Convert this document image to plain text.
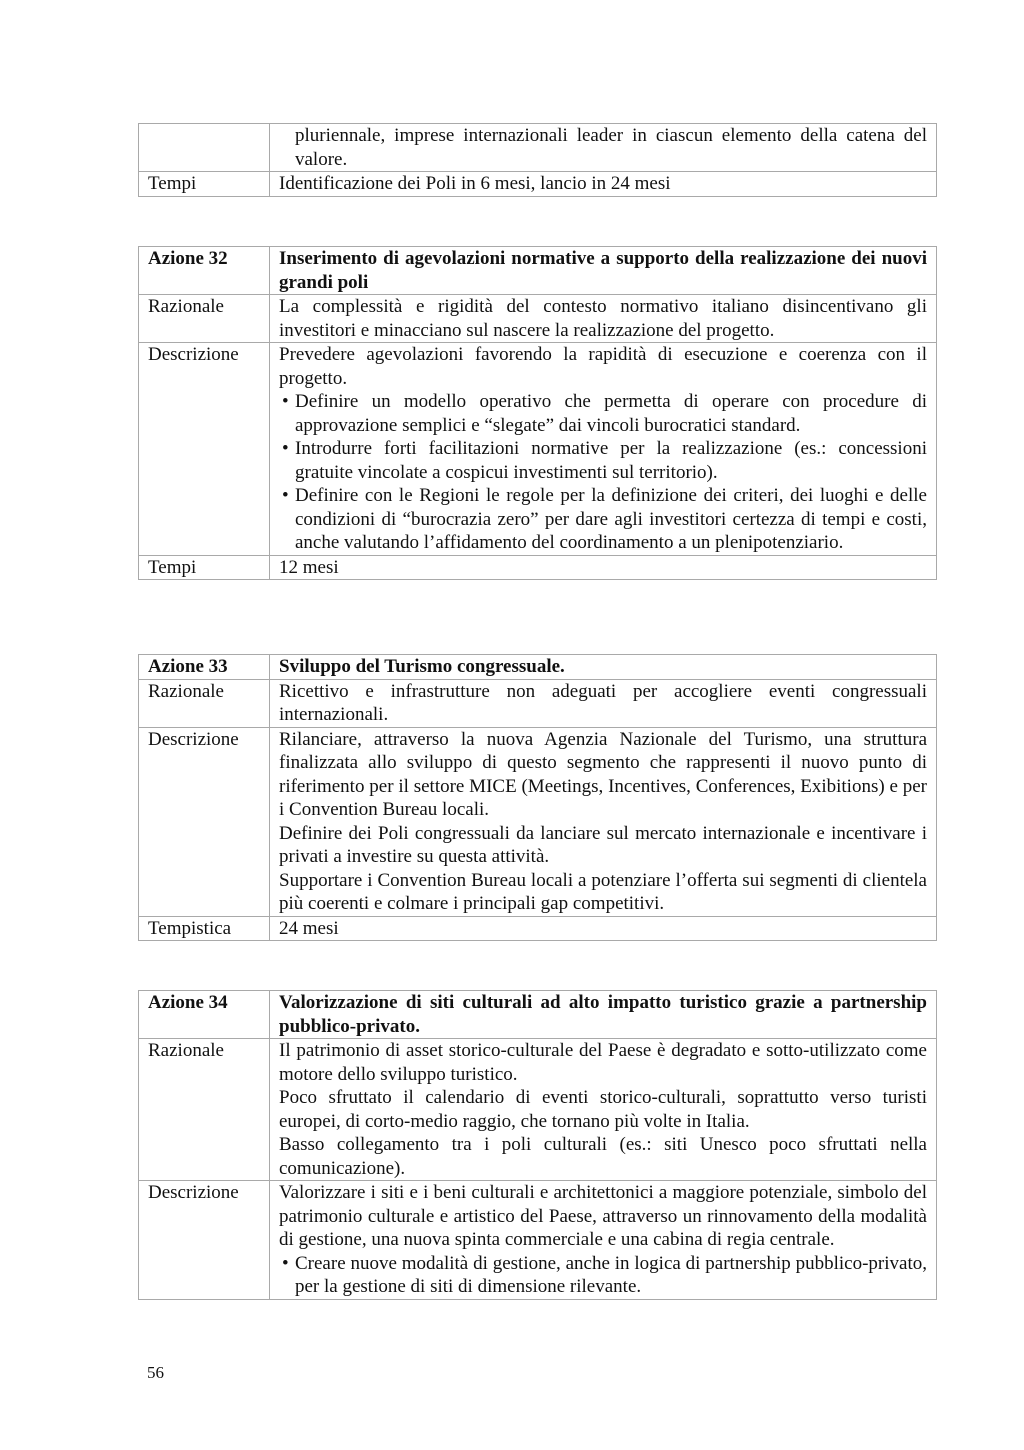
	pluriennale, imprese internazionali leader in ciascun elemento della catena del valore.

Tempi	Identificazione dei Poli in 6 mesi, lancio in 24 mesi
Azione 32	Inserimento di agevolazioni normative a supporto della realizzazione dei nuovi grandi poli
Razionale	La complessità e rigidità del contesto normativo italiano disincentivano gli investitori e minacciano sul nascere la realizzazione del progetto.
Descrizione	Prevedere agevolazioni favorendo la rapidità di esecuzione e coerenza con il progetto.
• Definire un modello operativo che permetta di operare con procedure di approvazione semplici e “slegate” dai vincoli burocratici standard.
• Introdurre forti facilitazioni normative per la realizzazione (es.: concessioni gratuite vincolate a cospicui investimenti sul territorio).
• Definire con le Regioni le regole per la definizione dei criteri, dei luoghi e delle condizioni di “burocrazia zero” per dare agli investitori certezza di tempi e costi, anche valutando l’affidamento del coordinamento a un plenipotenziario.

Tempi	12 mesi
Azione 33	Sviluppo del Turismo congressuale.
Razionale	Ricettivo e infrastrutture non adeguati per accogliere eventi congressuali internazionali.
Descrizione	Rilanciare, attraverso la nuova Agenzia Nazionale del Turismo, una struttura finalizzata allo sviluppo di questo segmento che rappresenti il nuovo punto di riferimento per il settore MICE (Meetings, Incentives, Conferences, Exibitions) e per i Convention Bureau locali.
Definire dei Poli congressuali da lanciare sul mercato internazionale e incentivare i privati a investire su questa attività.
Supportare i Convention Bureau locali a potenziare l’offerta sui segmenti di clientela più coerenti e colmare i principali gap competitivi.

Tempistica	24 mesi
Azione 34	Valorizzazione di siti culturali ad alto impatto turistico grazie a partnership pubblico-privato.
Razionale	Il patrimonio di asset storico-culturale del Paese è degradato e sotto-utilizzato come motore dello sviluppo turistico.
Poco sfruttato il calendario di eventi storico-culturali, soprattutto verso turisti europei, di corto-medio raggio, che tornano più volte in Italia.
Basso collegamento tra i poli culturali (es.: siti Unesco poco sfruttati nella comunicazione).

Descrizione	Valorizzare i siti e i beni culturali e architettonici a maggiore potenziale, simbolo del patrimonio culturale e artistico del Paese, attraverso un rinnovamento della modalità di gestione, una nuova spinta commerciale e una cabina di regia centrale.
• Creare nuove modalità di gestione, anche in logica di partnership pubblico-privato, per la gestione di siti di dimensione rilevante.
56
